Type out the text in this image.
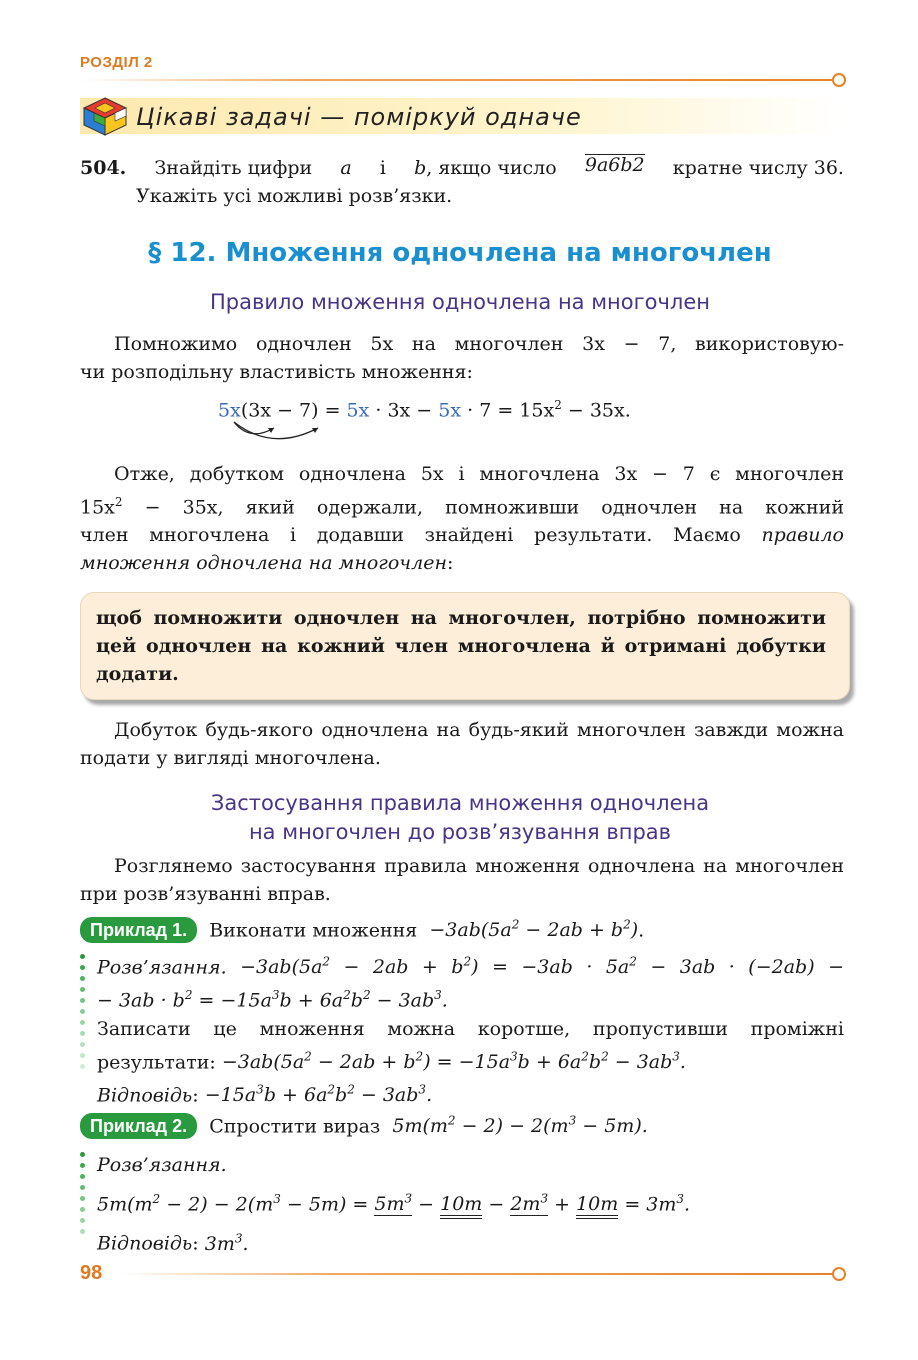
РОЗДІЛ 2
Цікаві задачі — поміркуй одначе
504. Знайдіть цифри a і b, якщо число 9a6b2 кратне числу 36.
Укажіть усі можливі розв’язки.
§ 12. Множення одночлена на многочлен
Правило множення одночлена на многочлен
Помножимо одночлен 5x на многочлен 3x − 7, використовую-
чи розподільну властивість множення:
$5x(3x - 7) = 5x \cdot 3x - 5x \cdot 7 = 15x^2 - 35x$.
Отже, добутком одночлена 5x і многочлена 3x − 7 є многочлен
$15x^2 - 35x$, який одержали, помноживши одночлен на кожний
член многочлена і додавши знайдені результати. Маємо правило
множення одночлена на многочлен:
щоб помножити одночлен на многочлен, потрібно помножити цей одночлен на кожний член многочлена й отримані добутки додати.
Добуток будь-якого одночлена на будь-який многочлен завжди можна подати у вигляді многочлена.
Застосування правила множення одночлена
на многочлен до розв’язування вправ
Розглянемо застосування правила множення одночлена на многочлен при розв’язуванні вправ.
Приклад 1. Виконати множення $-3ab(5a^2 - 2ab + b^2)$.
Розв’язання. $-3ab(5a^2 - 2ab + b^2) = -3ab \cdot 5a^2 - 3ab \cdot (-2ab)$ −
− $3ab \cdot b^2 = -15a^3b + 6a^2b^2 - 3ab^3$.
Записати це множення можна коротше, пропустивши проміжні
результати: $-3ab(5a^2 - 2ab + b^2) = -15a^3b + 6a^2b^2 - 3ab^3$.
Відповідь: $-15a^3b + 6a^2b^2 - 3ab^3$.
Приклад 2. Спростити вираз $5m(m^2 - 2) - 2(m^3 - 5m)$.
Розв’язання.
$5m(m^2 - 2) - 2(m^3 - 5m) = 5m^3 - 10m - 2m^3 + 10m = 3m^3$.
Відповідь: $3m^3$.
98
